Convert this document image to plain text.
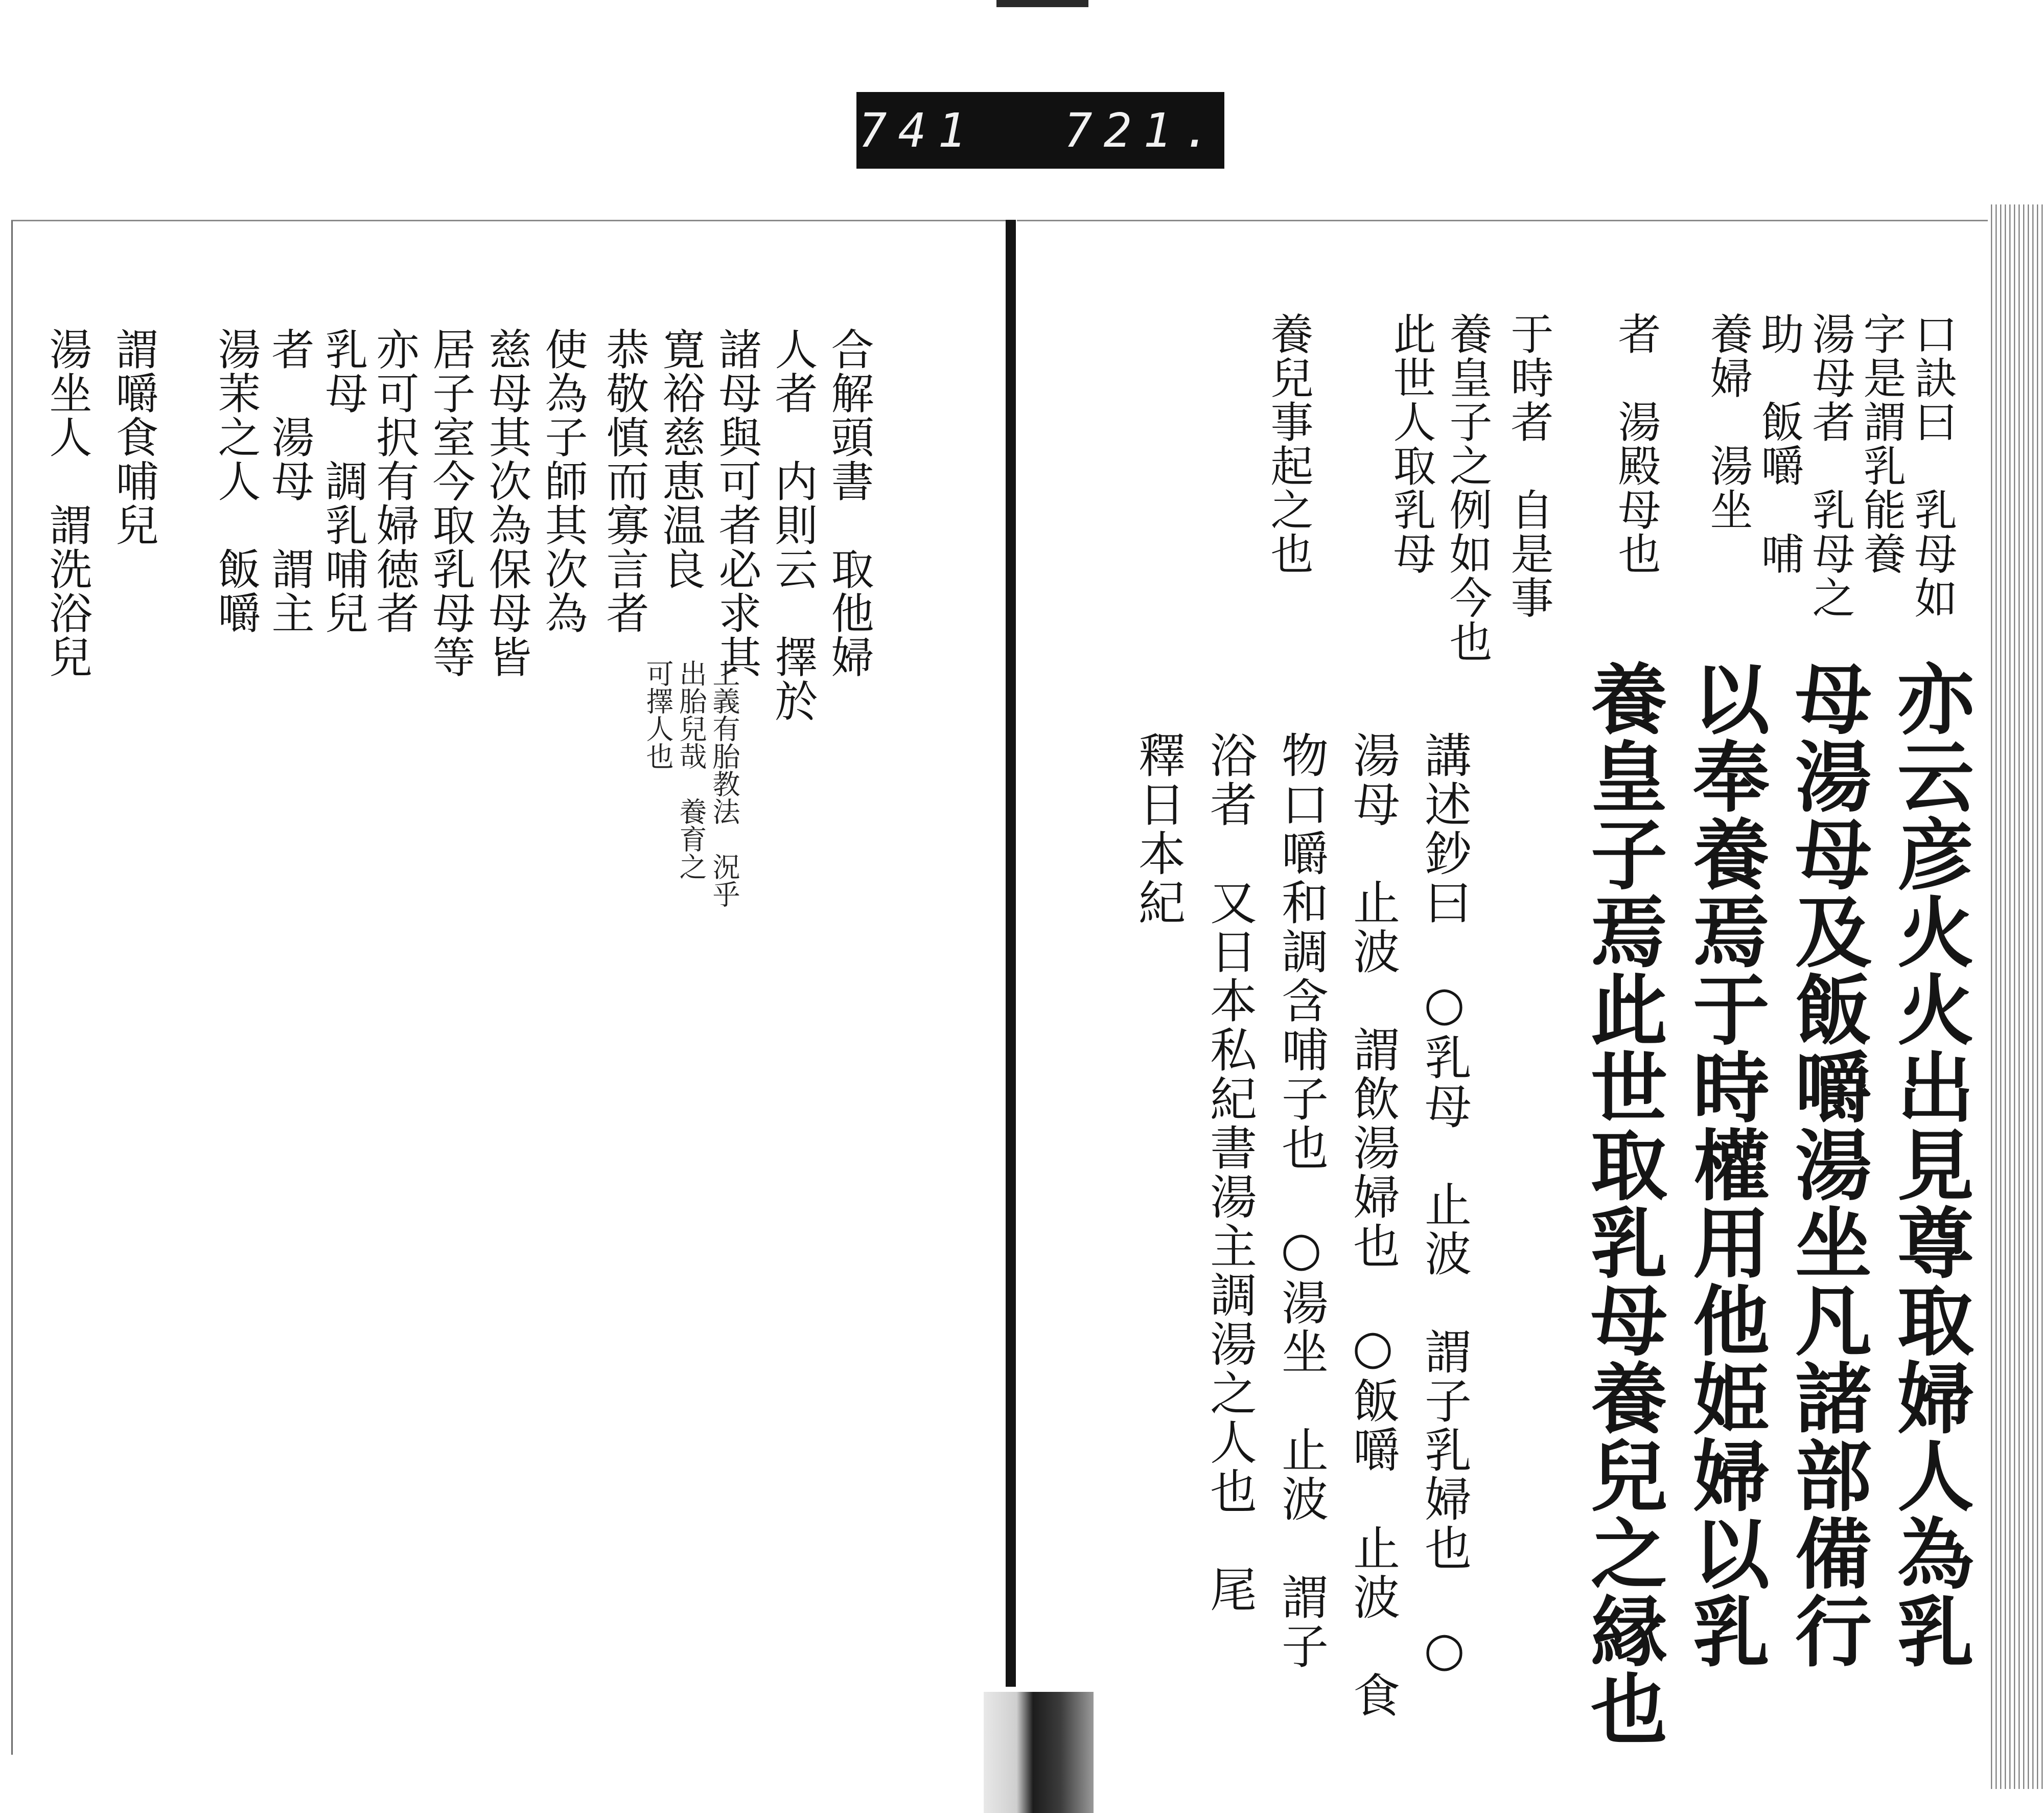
741 721.
合解頭書　取他婦
人者　内則云　擇於
諸母與可者必求其
寛裕慈恵温良
恭敬慎而寡言者
使為子師其次為
慈母其次為保母皆
居子室今取乳母等
亦可択有婦徳者
乳母　調乳哺兒
者　湯母　謂主
湯茉之人　飯嚼
謂嚼食哺兒
湯坐人　謂洗浴兒
上義有胎教法　況乎
出胎兒哉　養育之
可擇人也
口訣曰　乳母如
字是謂乳能養
湯母者　乳母之
助　飯嚼　哺
養婦　湯坐
者　湯殿母也
于時者　自是事
養皇子之例如今也
此世人取乳母
養兒事起之也
亦云彦火火出見尊取婦人為乳
母湯母及飯嚼湯坐凡諸部備行
以奉養焉于時權用他姫婦以乳
養皇子焉此世取乳母養兒之縁也
講述鈔曰　○乳母　止波　謂子乳婦也　○
湯母　止波　謂飲湯婦也　○飯嚼　止波　食
物口嚼和調含哺子也　○湯坐　止波　謂子
浴者　又日本私紀書湯主調湯之人也　尾
釋日本紀
